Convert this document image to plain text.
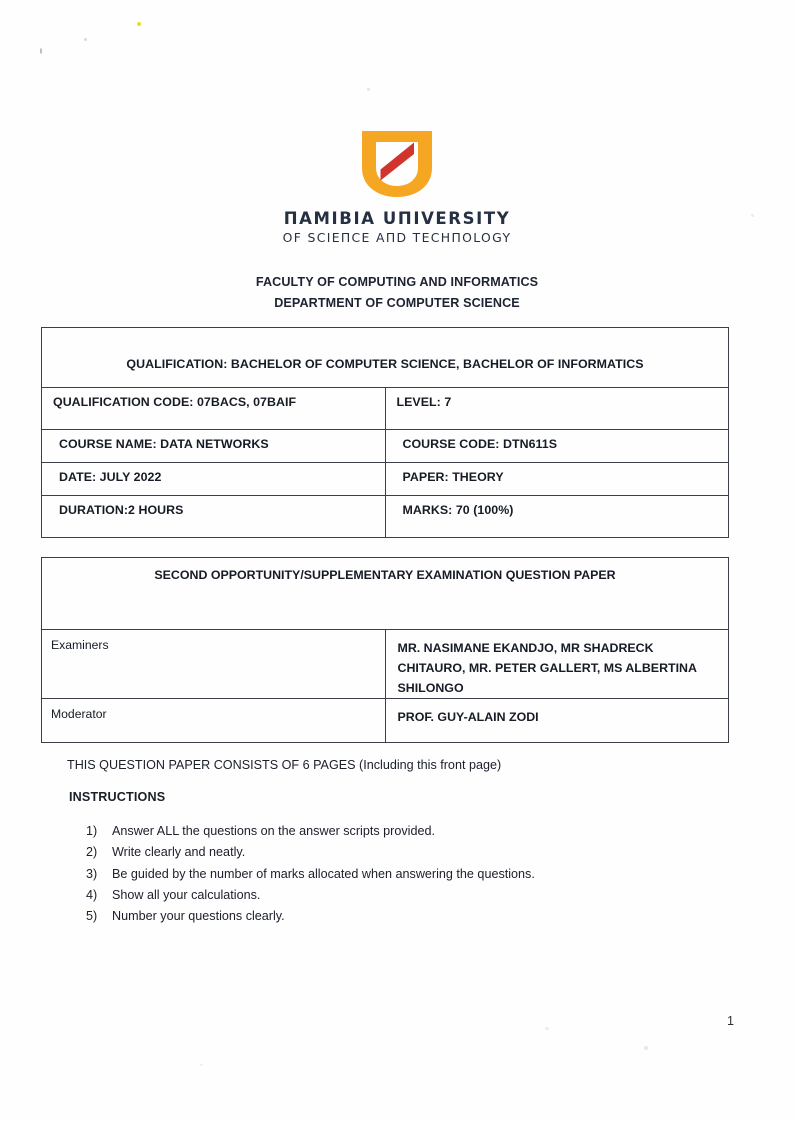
ΠΑMIBIΑ UΠIVERSITY
OF SCIEΠCE AΠD TECHΠOLOGY
FACULTY OF COMPUTING AND INFORMATICS
DEPARTMENT OF COMPUTER SCIENCE
QUALIFICATION: BACHELOR OF COMPUTER SCIENCE, BACHELOR OF INFORMATICS	
QUALIFICATION CODE: 07BACS, 07BAIF	LEVEL: 7
COURSE NAME: DATA NETWORKS	COURSE CODE: DTN611S
DATE: JULY 2022	PAPER: THEORY
DURATION:2 HOURS	MARKS: 70 (100%)
SECOND OPPORTUNITY/SUPPLEMENTARY EXAMINATION QUESTION PAPER	
Examiners	MR. NASIMANE EKANDJO, MR SHADRECK CHITAURO, MR. PETER GALLERT, MS ALBERTINA SHILONGO
Moderator	PROF. GUY-ALAIN ZODI
THIS QUESTION PAPER CONSISTS OF 6 PAGES (Including this front page)
INSTRUCTIONS
1)	Answer ALL the questions on the answer scripts provided.
2)	Write clearly and neatly.
3)	Be guided by the number of marks allocated when answering the questions.
4)	Show all your calculations.
5)	Number your questions clearly.
1
